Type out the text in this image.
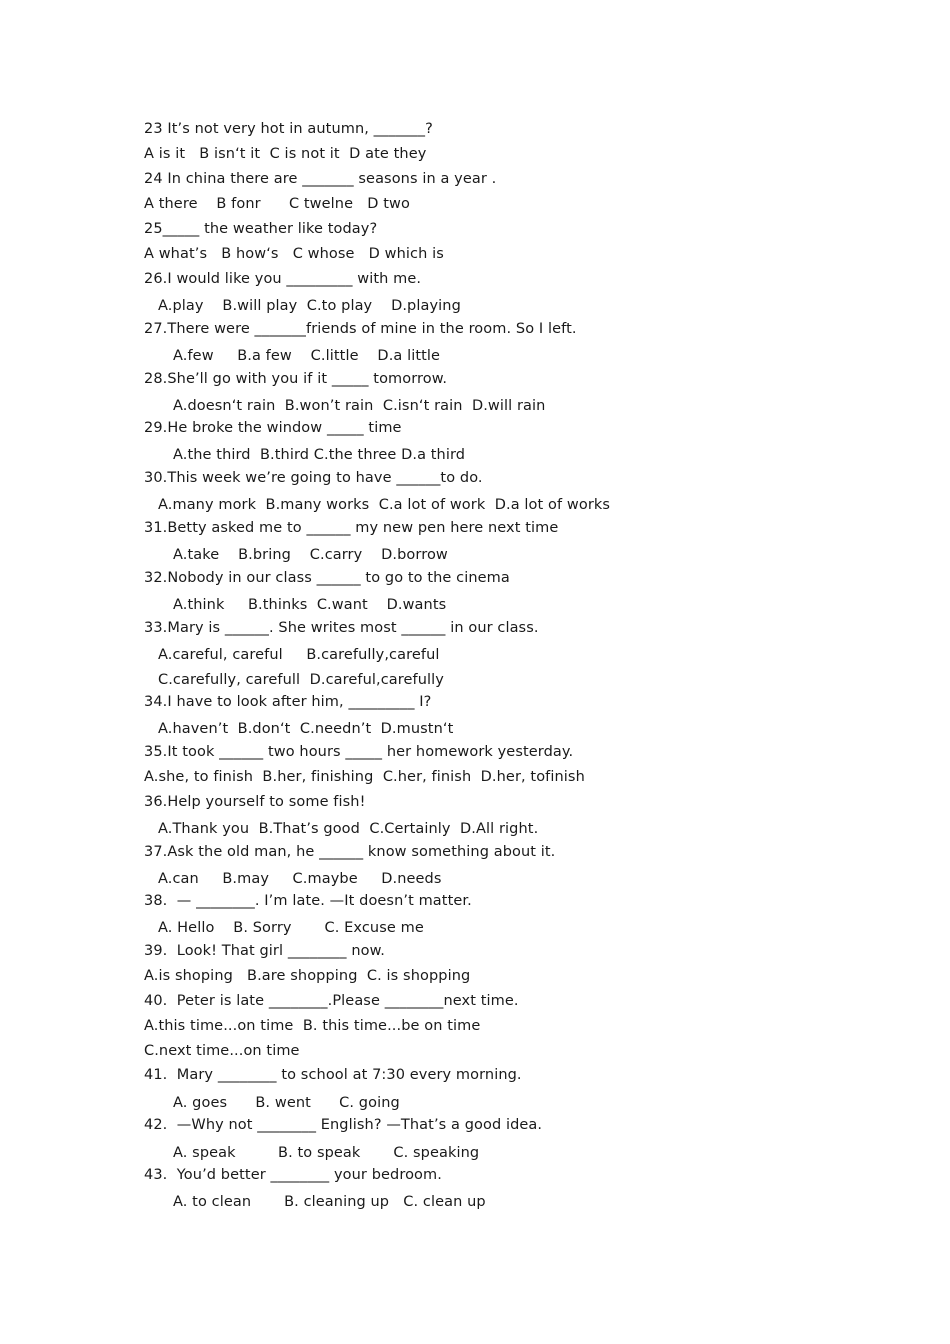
23 It’s not very hot in autumn, _______?
A is it   B isn‘t it  C is not it  D ate they
24 In china there are _______ seasons in a year .
A there    B fonr      C twelne   D two
25_____ the weather like today?
A what’s   B how‘s   C whose   D which is
26.I would like you _________ with me.
A.play    B.will play  C.to play    D.playing
27.There were _______friends of mine in the room. So I left.
A.few     B.a few    C.little    D.a little
28.She’ll go with you if it _____ tomorrow.
A.doesn‘t rain  B.won’t rain  C.isn‘t rain  D.will rain
29.He broke the window _____ time
A.the third  B.third C.the three D.a third
30.This week we’re going to have ______to do.
A.many mork  B.many works  C.a lot of work  D.a lot of works
31.Betty asked me to ______ my new pen here next time
A.take    B.bring    C.carry    D.borrow
32.Nobody in our class ______ to go to the cinema
A.think     B.thinks  C.want    D.wants
33.Mary is ______. She writes most ______ in our class.
A.careful, careful     B.carefully,careful
C.carefully, carefull  D.careful,carefully
34.I have to look after him, _________ I?
A.haven’t  B.don‘t  C.needn’t  D.mustn‘t
35.It took ______ two hours _____ her homework yesterday.
A.she, to finish  B.her, finishing  C.her, finish  D.her, tofinish
36.Help yourself to some fish!
A.Thank you  B.That’s good  C.Certainly  D.All right.
37.Ask the old man, he ______ know something about it.
A.can     B.may     C.maybe     D.needs
38.  — ________. I’m late. —It doesn’t matter.
A. Hello    B. Sorry       C. Excuse me
39.  Look! That girl ________ now.
A.is shoping   B.are shopping  C. is shopping
40.  Peter is late ________.Please ________next time.
A.this time...on time  B. this time...be on time
C.next time...on time
41.  Mary ________ to school at 7:30 every morning.
A. goes      B. went      C. going
42.  —Why not ________ English? —That’s a good idea.
A. speak         B. to speak       C. speaking
43.  You’d better ________ your bedroom.
A. to clean       B. cleaning up   C. clean up
